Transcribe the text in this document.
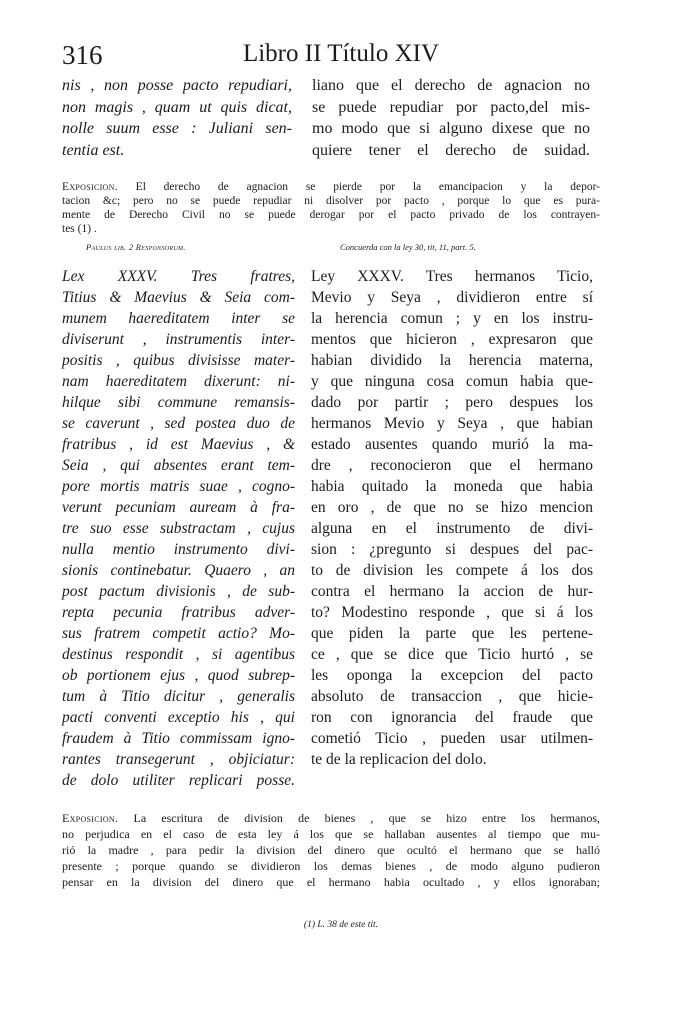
316	Libro II Título XIV
nis , non posse pacto repudiari,
non magis , quam ut quis dicat,
nolle suum esse : Juliani sen-
tentia est.
liano que el derecho de agnacion no
se puede repudiar por pacto,del mis-
mo modo que si alguno dixese que no
quiere tener el derecho de suidad.
Exposicion. El derecho de agnacion se pierde por la emancipacion y la depor-
tacion &c; pero no se puede repudiar ni disolver por pacto , porque lo que es pura-
mente de Derecho Civil no se puede derogar por el pacto privado de los contrayen-
tes (1) .
Paulus lib. 2 Responsorum.	Concuerda con la ley 30, tit, 11, part. 5.
Lex XXXV. Tres fratres,
Titius & Maevius & Seia com-
munem haereditatem inter se
diviserunt , instrumentis inter-
positis , quibus divisisse mater-
nam haereditatem dixerunt: ni-
hilque sibi commune remansis-
se caverunt , sed postea duo de
fratribus , id est Maevius , &
Seia , qui absentes erant tem-
pore mortis matris suae , cogno-
verunt pecuniam auream à fra-
tre suo esse substractam , cujus
nulla mentio instrumento divi-
sionis continebatur. Quaero , an
post pactum divisionis , de sub-
repta pecunia fratribus adver-
sus fratrem competit actio? Mo-
destinus respondit , si agentibus
ob portionem ejus , quod subrep-
tum à Titio dicitur , generalis
pacti conventi exceptio his , qui
fraudem à Titio commissam igno-
rantes transegerunt , objiciatur:
de dolo utiliter replicari posse.
Ley XXXV. Tres hermanos Ticio,
Mevio y Seya , dividieron entre sí
la herencia comun ; y en los instru-
mentos que hicieron , expresaron que
habian dividido la herencia materna,
y que ninguna cosa comun habia que-
dado por partir ; pero despues los
hermanos Mevio y Seya , que habian
estado ausentes quando murió la ma-
dre , reconocieron que el hermano
habia quitado la moneda que habia
en oro , de que no se hizo mencion
alguna en el instrumento de divi-
sion : ¿pregunto si despues del pac-
to de division les compete á los dos
contra el hermano la accion de hur-
to? Modestino responde , que si á los
que piden la parte que les pertene-
ce , que se dice que Ticio hurtó , se
les oponga la excepcion del pacto
absoluto de transaccion , que hicie-
ron con ignorancia del fraude que
cometió Ticio , pueden usar utilmen-
te de la replicacion del dolo.
Exposicion. La escritura de division de bienes , que se hizo entre los hermanos,
no perjudica en el caso de esta ley á los que se hallaban ausentes al tiempo que mu-
rió la madre , para pedir la division del dinero que ocultó el hermano que se halló
presente ; porque quando se dividieron los demas bienes , de modo alguno pudieron
pensar en la division del dinero que el hermano habia ocultado , y ellos ignoraban;
(1) L. 38 de este tit.
